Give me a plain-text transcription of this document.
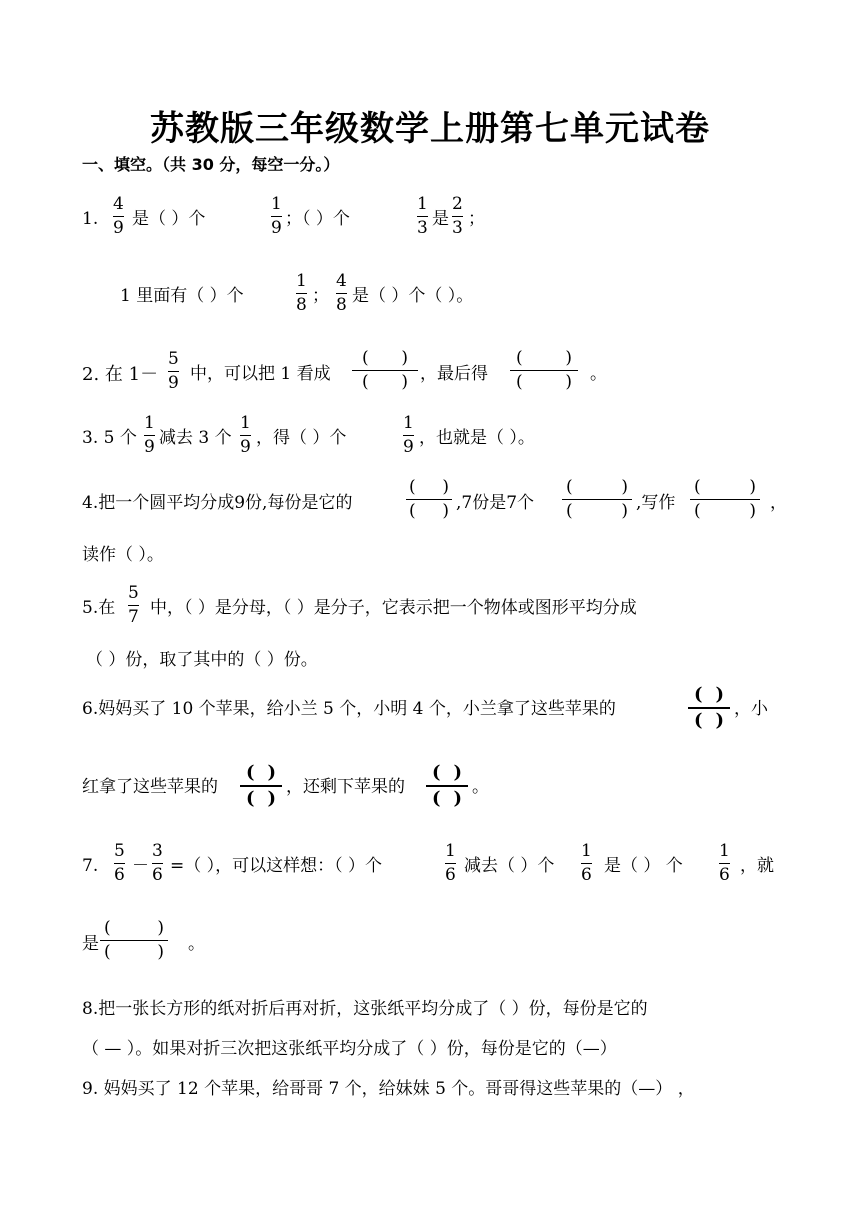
苏教版三年级数学上册第七单元试卷
一、填空。（共 30 分，每空一分。）
1.
4
9 是（ ）个
1
9 ；（ ）个
1
3 是
2
3 ；
1 里面有（ ）个
1
8 ；
4
8 是（ ）个（ ）。
2. 在 1－
5
9 中，可以把 1 看成
( )
( ) ，最后得
(	)
(	) 。
3. 5 个
1
9 减去 3 个
1
9 ，得（ ）个
1
9 ，也就是（ ）。
4.把一个圆平均分成9份,每份是它的
( )
( ) ,7份是7个
(	)
(	) ,写作
(	)
(	) ，
读作（ ）。
5.在
5
7 中，（ ）是分母，（ ）是分子，它表示把一个物体或图形平均分成
（ ）份，取了其中的（ ）份。
6.妈妈买了 10 个苹果，给小兰 5 个，小明 4 个，小兰拿了这些苹果的
( )
( )
，小
红拿了这些苹果的
( )
( )
，还剩下苹果的
( )
( )
。
7.
5
6 －
3
6 =（ ），可以这样想：（ ）个
1
6 减去（ ）个
1
6 是（ ） 个
1
6 ，就
是
(	)
(	) 。
8.把一张长方形的纸对折后再对折，这张纸平均分成了（ ）份，每份是它的
（ — ）。如果对折三次把这张纸平均分成了（ ）份，每份是它的（—）
9. 妈妈买了 12 个苹果，给哥哥 7 个，给妹妹 5 个。哥哥得这些苹果的（—） ，
